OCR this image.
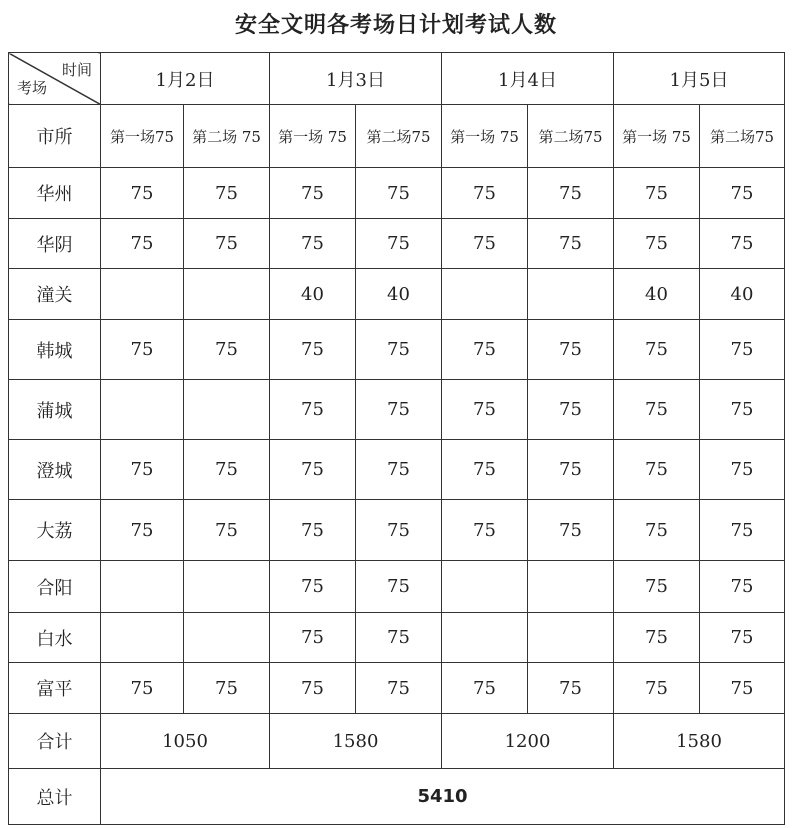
安全文明各考场日计划考试人数
时间
考场	1月2日		1月3日		1月4日		1月5日	
市所	第一场75	第二场 75	第一场 75	第二场75	第一场 75	第二场75	第一场 75	第二场75
华州	75	75	75	75	75	75	75	75
华阴	75	75	75	75	75	75	75	75
潼关			40	40			40	40
韩城	75	75	75	75	75	75	75	75
蒲城			75	75	75	75	75	75
澄城	75	75	75	75	75	75	75	75
大荔	75	75	75	75	75	75	75	75
合阳			75	75			75	75
白水			75	75			75	75
富平	75	75	75	75	75	75	75	75
合计	1050		1580		1200		1580	
总计	5410							
